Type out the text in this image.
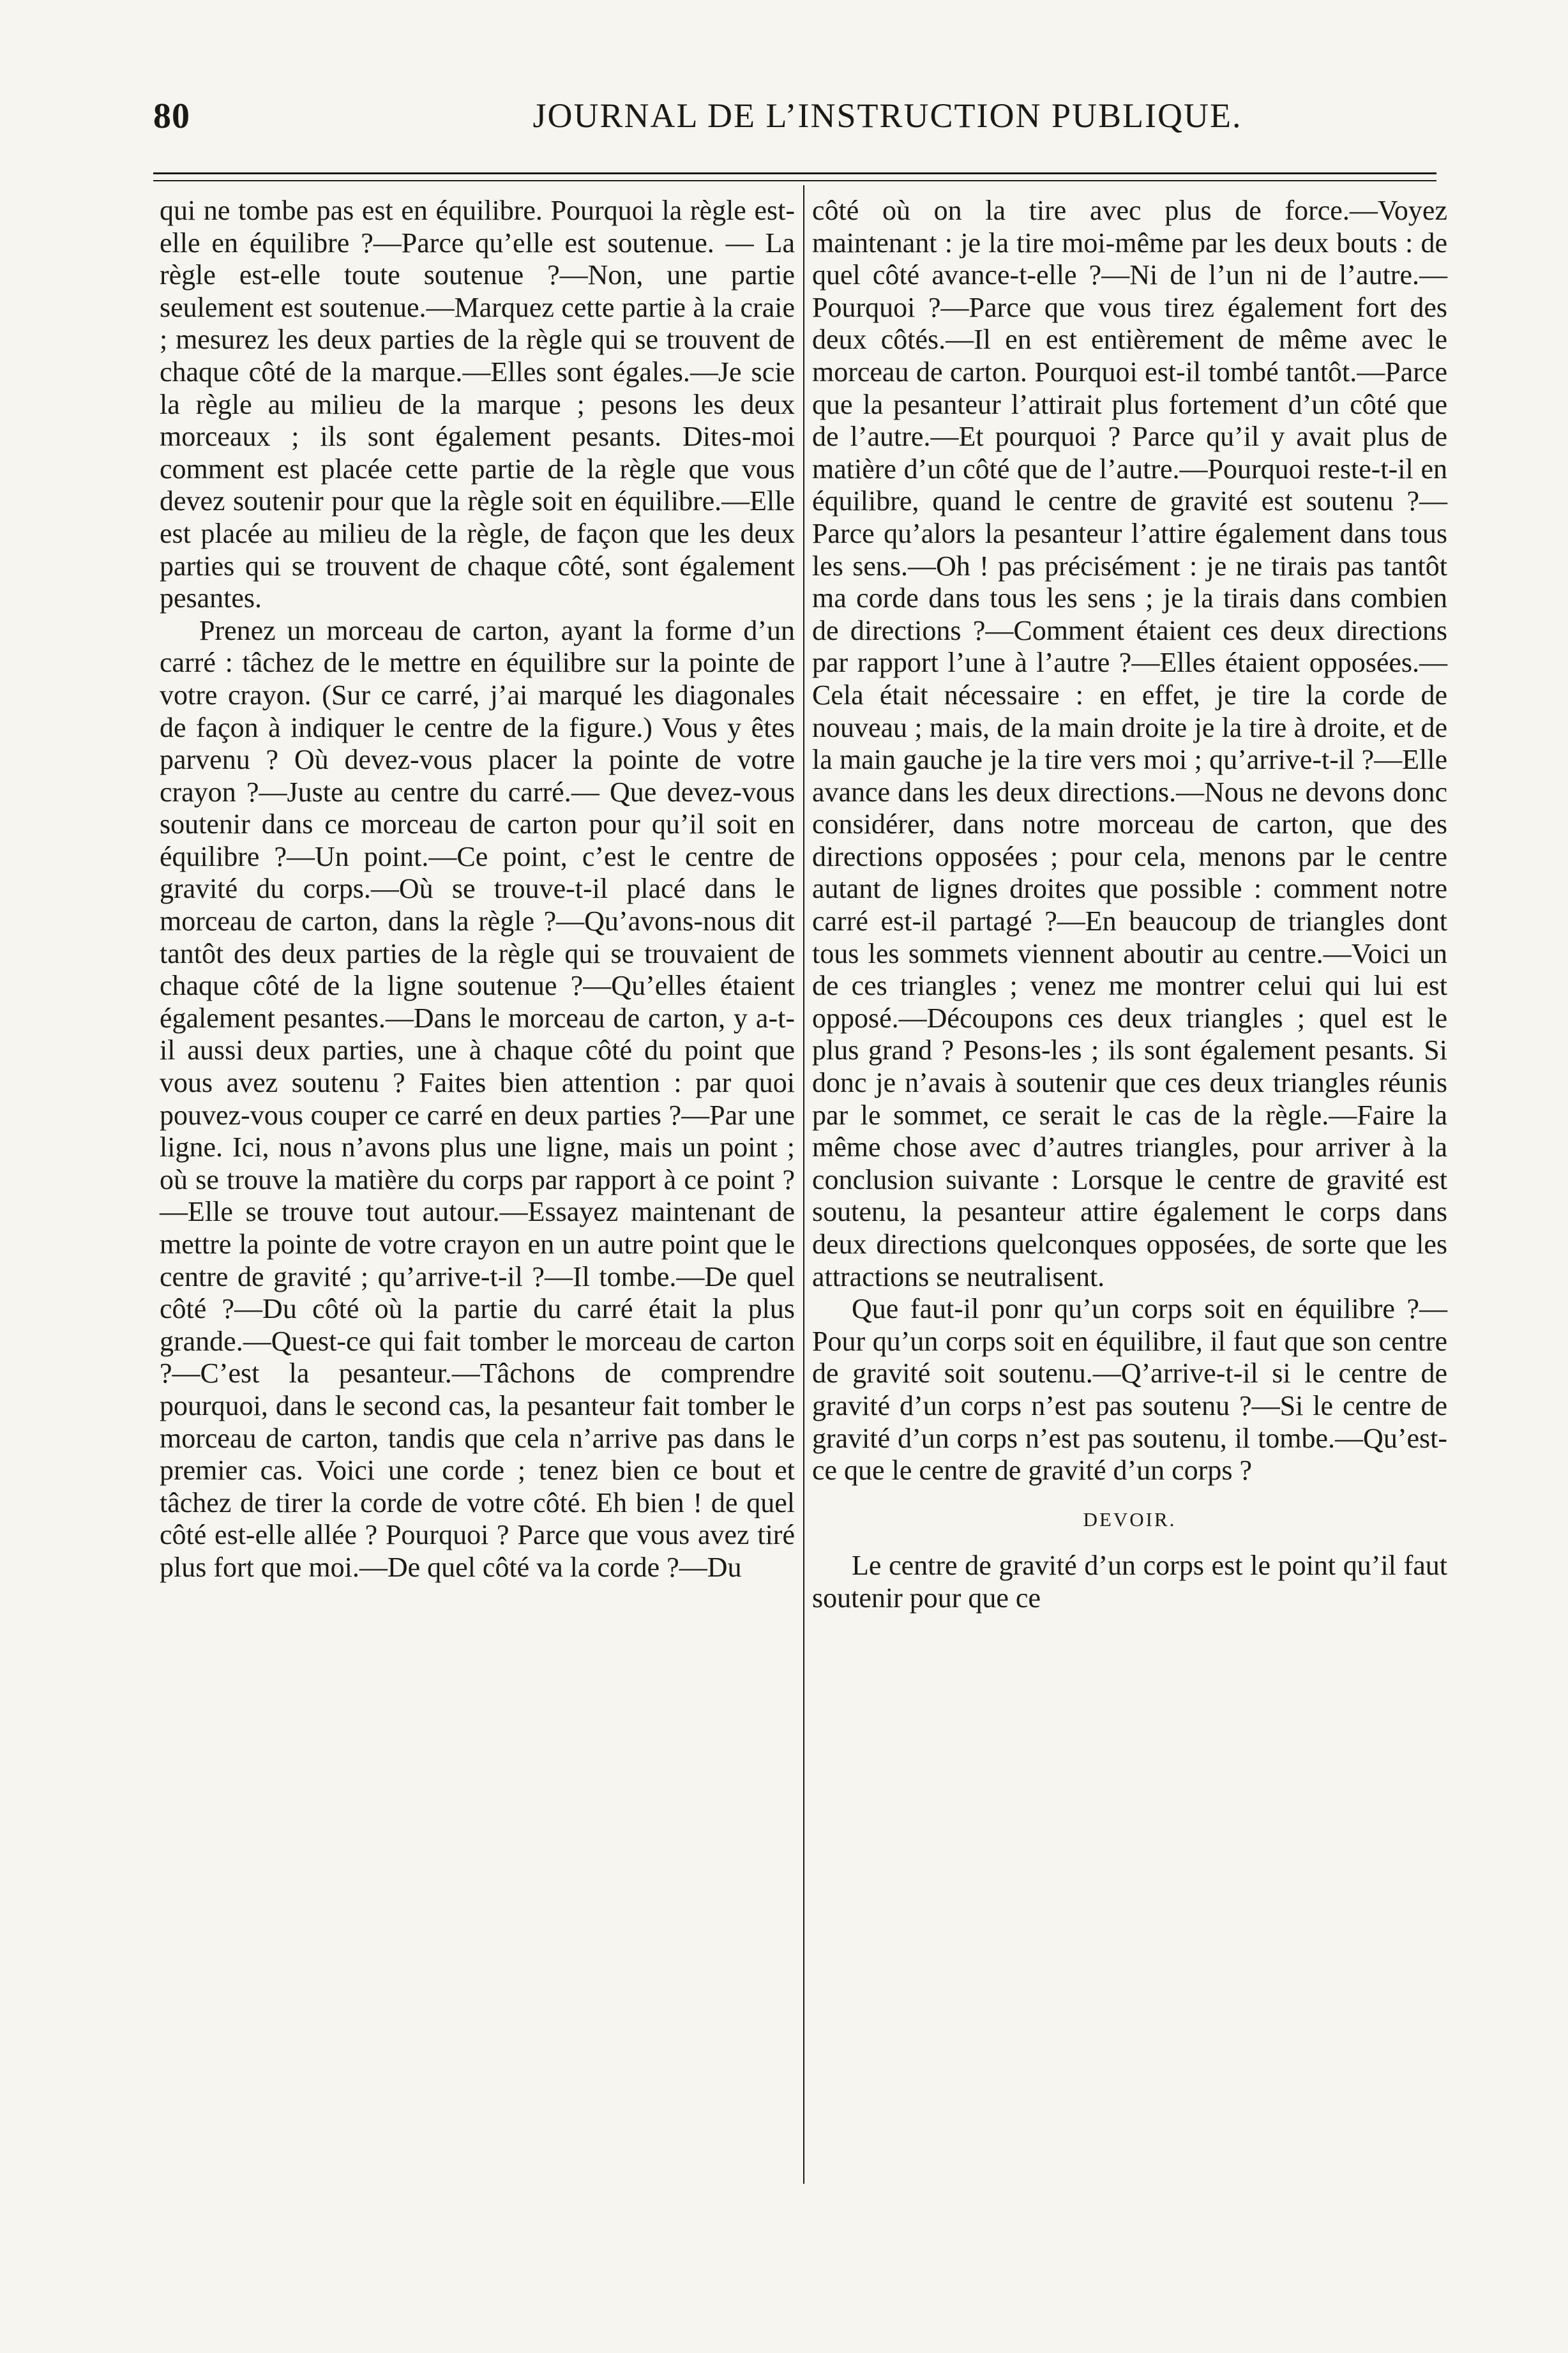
80	JOURNAL DE L’INSTRUCTION PUBLIQUE.

qui ne tombe pas est en équilibre. Pourquoi la règle est-elle en équilibre ?—Parce qu’elle est soutenue. — La règle est-elle toute soutenue ?—Non, une partie seulement est soutenue.—Marquez cette partie à la craie ; mesurez les deux parties de la règle qui se trouvent de chaque côté de la marque.—Elles sont égales.—Je scie la règle au milieu de la marque ; pesons les deux morceaux ; ils sont également pesants. Dites-moi comment est placée cette partie de la règle que vous devez soutenir pour que la règle soit en équilibre.—Elle est placée au milieu de la règle, de façon que les deux parties qui se trouvent de chaque côté, sont également pesantes.

Prenez un morceau de carton, ayant la forme d’un carré : tâchez de le mettre en équilibre sur la pointe de votre crayon. (Sur ce carré, j’ai marqué les diagonales de façon à indiquer le centre de la figure.) Vous y êtes parvenu ? Où devez-vous placer la pointe de votre crayon ?—Juste au centre du carré.— Que devez-vous soutenir dans ce morceau de carton pour qu’il soit en équilibre ?—Un point.—Ce point, c’est le centre de gravité du corps.—Où se trouve-t-il placé dans le morceau de carton, dans la règle ?—Qu’avons-nous dit tantôt des deux parties de la règle qui se trouvaient de chaque côté de la ligne soutenue ?—Qu’elles étaient également pesantes.—Dans le morceau de carton, y a-t-il aussi deux parties, une à chaque côté du point que vous avez soutenu ? Faites bien attention : par quoi pouvez-vous couper ce carré en deux parties ?—Par une ligne. Ici, nous n’avons plus une ligne, mais un point ; où se trouve la matière du corps par rapport à ce point ?—Elle se trouve tout autour.—Essayez maintenant de mettre la pointe de votre crayon en un autre point que le centre de gravité ; qu’arrive-t-il ?—Il tombe.—De quel côté ?—Du côté où la partie du carré était la plus grande.—Quest-ce qui fait tomber le morceau de carton ?—C’est la pesanteur.—Tâchons de comprendre pourquoi, dans le second cas, la pesanteur fait tomber le morceau de carton, tandis que cela n’arrive pas dans le premier cas. Voici une corde ; tenez bien ce bout et tâchez de tirer la corde de votre côté. Eh bien ! de quel côté est-elle allée ? Pourquoi ? Parce que vous avez tiré plus fort que moi.—De quel côté va la corde ?—Du

côté où on la tire avec plus de force.—Voyez maintenant : je la tire moi-même par les deux bouts : de quel côté avance-t-elle ?—Ni de l’un ni de l’autre.—Pourquoi ?—Parce que vous tirez également fort des deux côtés.—Il en est entièrement de même avec le morceau de carton. Pourquoi est-il tombé tantôt.—Parce que la pesanteur l’attirait plus fortement d’un côté que de l’autre.—Et pourquoi ? Parce qu’il y avait plus de matière d’un côté que de l’autre.—Pourquoi reste-t-il en équilibre, quand le centre de gravité est soutenu ?—Parce qu’alors la pesanteur l’attire également dans tous les sens.—Oh ! pas précisément : je ne tirais pas tantôt ma corde dans tous les sens ; je la tirais dans combien de directions ?—Comment étaient ces deux directions par rapport l’une à l’autre ?—Elles étaient opposées.—Cela était nécessaire : en effet, je tire la corde de nouveau ; mais, de la main droite je la tire à droite, et de la main gauche je la tire vers moi ; qu’arrive-t-il ?—Elle avance dans les deux directions.—Nous ne devons donc considérer, dans notre morceau de carton, que des directions opposées ; pour cela, menons par le centre autant de lignes droites que possible : comment notre carré est-il partagé ?—En beaucoup de triangles dont tous les sommets viennent aboutir au centre.—Voici un de ces triangles ; venez me montrer celui qui lui est opposé.—Découpons ces deux triangles ; quel est le plus grand ? Pesons-les ; ils sont également pesants. Si donc je n’avais à soutenir que ces deux triangles réunis par le sommet, ce serait le cas de la règle.—Faire la même chose avec d’autres triangles, pour arriver à la conclusion suivante : Lorsque le centre de gravité est soutenu, la pesanteur attire également le corps dans deux directions quelconques opposées, de sorte que les attractions se neutralisent.

Que faut-il ponr qu’un corps soit en équilibre ?—Pour qu’un corps soit en équilibre, il faut que son centre de gravité soit soutenu.—Q’arrive-t-il si le centre de gravité d’un corps n’est pas soutenu ?—Si le centre de gravité d’un corps n’est pas soutenu, il tombe.—Qu’est-ce que le centre de gravité d’un corps ?

DEVOIR.

Le centre de gravité d’un corps est le point qu’il faut soutenir pour que ce
